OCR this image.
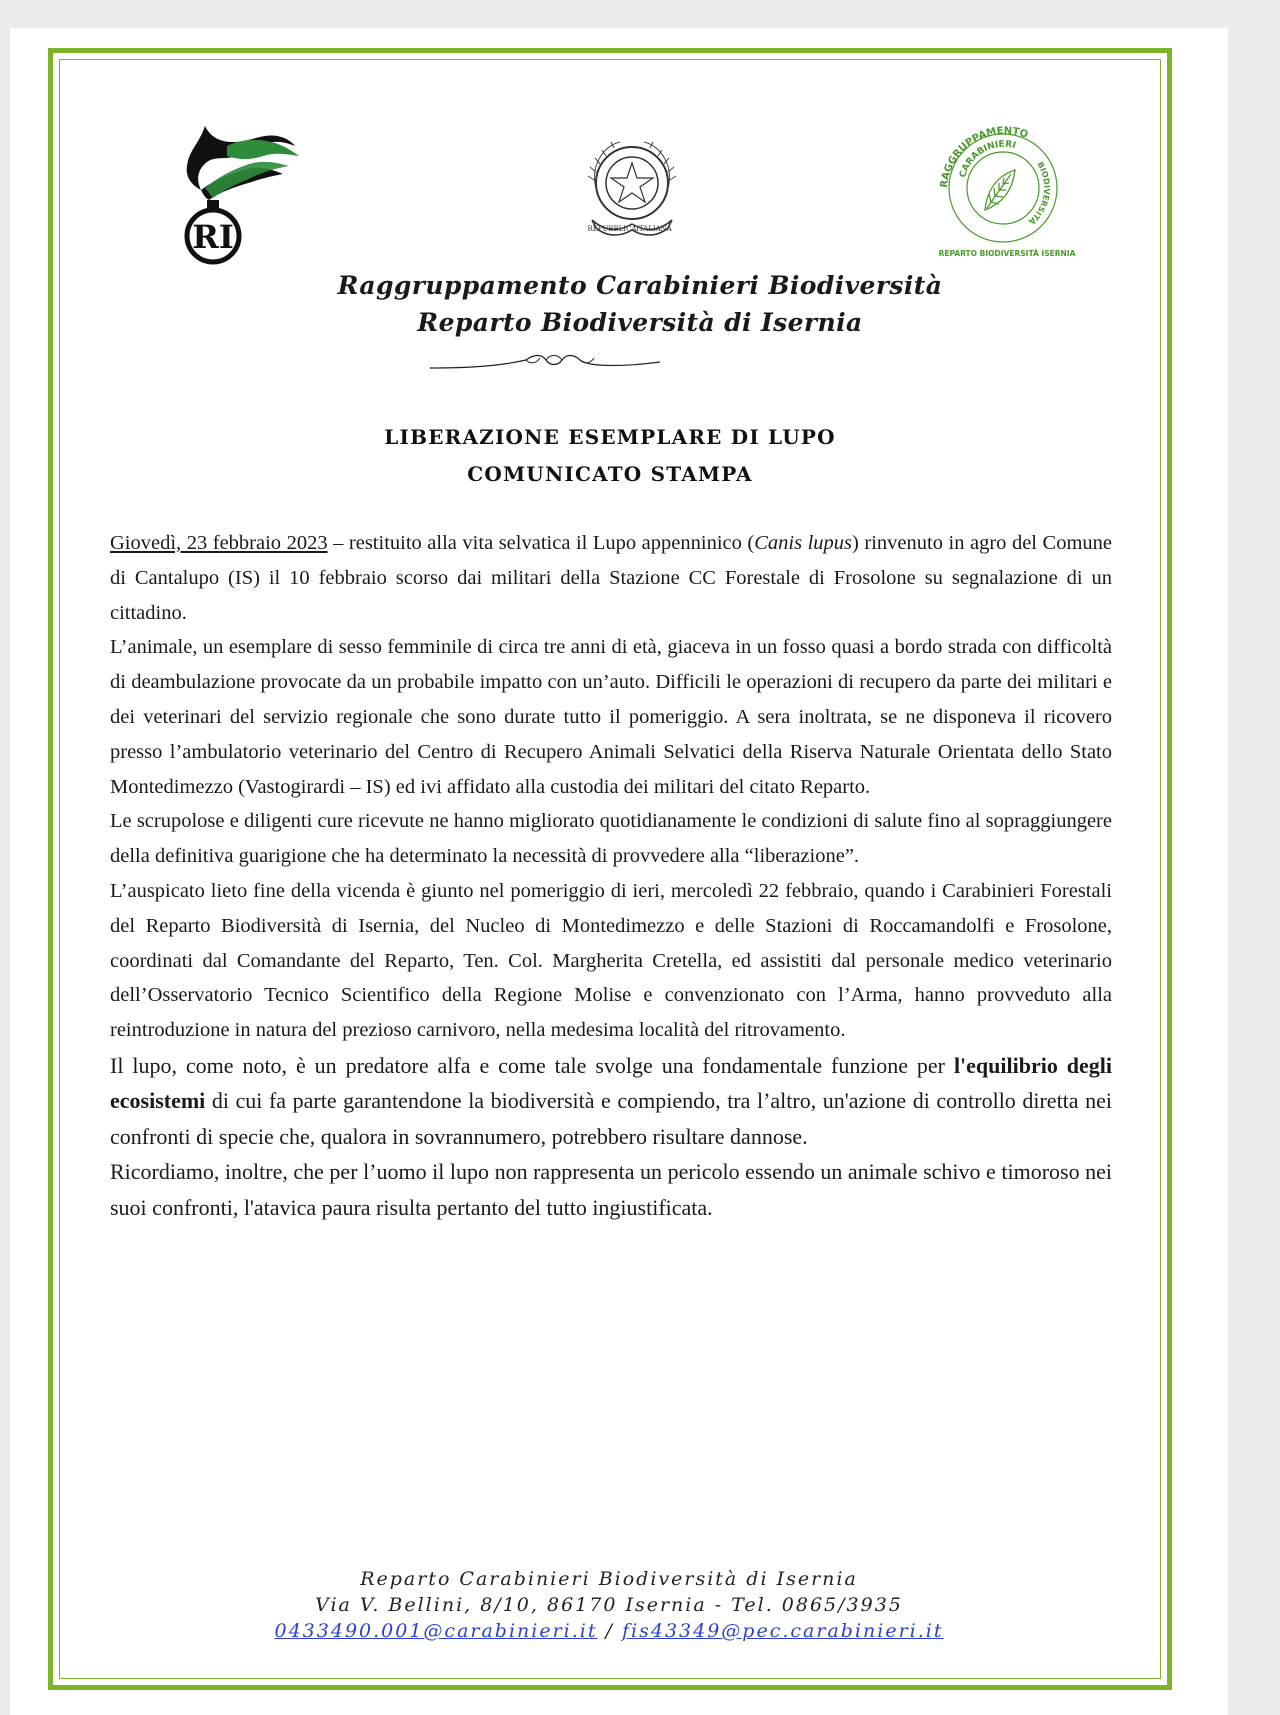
RI	REPUBBLICA ITALIANA
RAGGRUPPAMENTO
CARABINIERI
BIODIVERSITÀ
REPARTO BIODIVERSITÀ ISERNIA
Raggruppamento Carabinieri Biodiversità
Reparto Biodiversità di Isernia
LIBERAZIONE ESEMPLARE DI LUPO
COMUNICATO STAMPA

Giovedì, 23 febbraio 2023 – restituito alla vita selvatica il Lupo appenninico (Canis lupus) rinvenuto in agro del Comune di Cantalupo (IS) il 10 febbraio scorso dai militari della Stazione CC Forestale di Frosolone su segnalazione di un cittadino.

L’animale, un esemplare di sesso femminile di circa tre anni di età, giaceva in un fosso quasi a bordo strada con difficoltà di deambulazione provocate da un probabile impatto con un’auto. Difficili le operazioni di recupero da parte dei militari e dei veterinari del servizio regionale che sono durate tutto il pomeriggio. A sera inoltrata, se ne disponeva il ricovero presso l’ambulatorio veterinario del Centro di Recupero Animali Selvatici della Riserva Naturale Orientata dello Stato Montedimezzo (Vastogirardi – IS) ed ivi affidato alla custodia dei militari del citato Reparto.

Le scrupolose e diligenti cure ricevute ne hanno migliorato quotidianamente le condizioni di salute fino al sopraggiungere della definitiva guarigione che ha determinato la necessità di provvedere alla “liberazione”.

L’auspicato lieto fine della vicenda è giunto nel pomeriggio di ieri, mercoledì 22 febbraio, quando i Carabinieri Forestali del Reparto Biodiversità di Isernia, del Nucleo di Montedimezzo e delle Stazioni di Roccamandolfi e Frosolone, coordinati dal Comandante del Reparto, Ten. Col. Margherita Cretella, ed assistiti dal personale medico veterinario dell’Osservatorio Tecnico Scientifico della Regione Molise e convenzionato con l’Arma, hanno provveduto alla reintroduzione in natura del prezioso carnivoro, nella medesima località del ritrovamento.

Il lupo, come noto, è un predatore alfa e come tale svolge una fondamentale funzione per l'equilibrio degli ecosistemi di cui fa parte garantendone la biodiversità e compiendo, tra l’altro, un'azione di controllo diretta nei confronti di specie che, qualora in sovrannumero, potrebbero risultare dannose.

Ricordiamo, inoltre, che per l’uomo il lupo non rappresenta un pericolo essendo un animale schivo e timoroso nei suoi confronti, l'atavica paura risulta pertanto del tutto ingiustificata.

Reparto Carabinieri Biodiversità di Isernia
Via V. Bellini, 8/10, 86170 Isernia - Tel. 0865/3935
0433490.001@carabinieri.it / fis43349@pec.carabinieri.it
